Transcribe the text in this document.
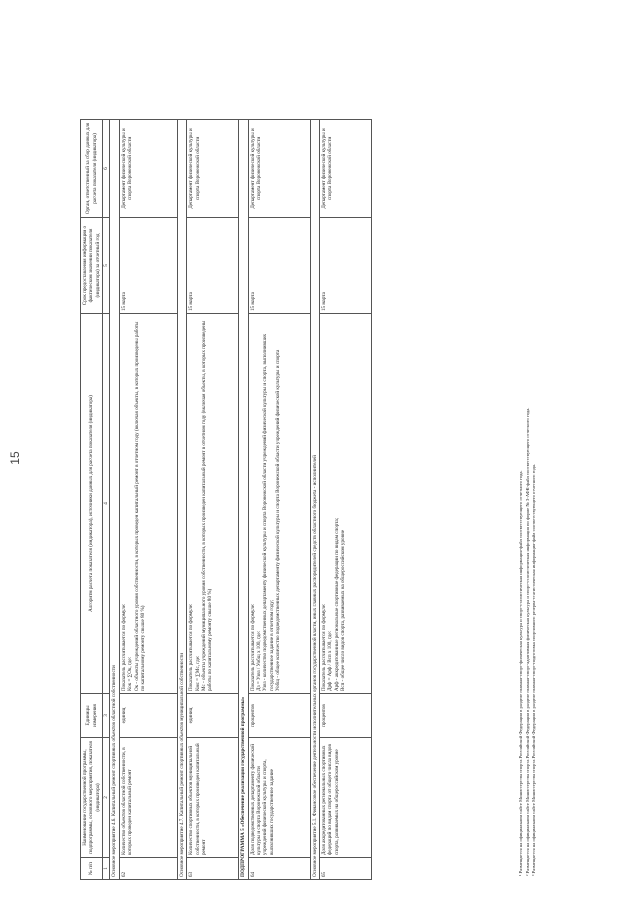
15
№ п/п	Наименование государственной программы, подпрограммы, основного мероприятия, показателя (индикатора)	Единицы измерения	Алгоритм расчета показателя (индикатора), источники данных для расчета показателя (индикатора)	Срок предоставления информации о фактическом значении показателя (индикатора) за отчетный год	Орган, ответственный за сбор данных для расчета показателя (индикатора)
1	2	3	4	5	6
Основное мероприятие 4.6. Капитальный ремонт спортивных объектов областной собственности					
62	Количество объектов областной собственности, в которых проведен капитальный ремонт	единиц	Показатель рассчитывается по формуле: Кок = ∑Ок, где: Ок - объекты учреждений областного уровня собственности, в которых проведен капитальный ремонт в отчетном году (включая объекты, в которых произведены работы по капитальному ремонту свыше 80 %)	15 марта	Департамент физической культуры и спорта Воронежской области
Основное мероприятие 4.7. Капитальный ремонт спортивных объектов муниципальной собственности					
63	Количество спортивных объектов муниципальной собственности, в которых произведен капитальный ремонт	единиц	Показатель рассчитывается по формуле: Кмс = ∑Мс, где: Мс - объекты учреждений муниципального уровня собственности, в которых произведен капитальный ремонт в отчетном году (включая объекты, в которых произведены работы по капитальному ремонту свыше 80 %)	15 марта	Департамент физической культуры и спорта Воронежской области
ПОДПРОГРАММА 5 «Обеспечение реализации государственной программы»					
64	Доля подведомственных департаменту физической культуры и спорта Воронежской области учреждений физической культуры и спорта, выполнивших государственное задание	процентов	Показатель рассчитывается по формуле: Дз = Узвз / Уобщ х 100, где: Узвз - количество подведомственных департаменту физической культуры и спорта Воронежской области учреждений физической культуры и спорта, выполнивших государственное задание в отчетном году; Уобщ - общее количество подведомственных департаменту физической культуры и спорта Воронежской области учреждений физической культуры и спорта	15 марта	Департамент физической культуры и спорта Воронежской области
Основное мероприятие 5.1. Финансовое обеспечение деятельности исполнительных органов государственной власти, иных главных распорядителей средств областного бюджета - исполнителей					
65	Доля аккредитованных региональных спортивных федераций по видам спорта от общего числа видов спорта, развиваемых на общероссийском уровне	процентов	Показатель рассчитывается по формуле: Дрф = Арф / Всп х 100, где: Арф - аккредитованные региональные спортивные федерации по видам спорта; Всп - общее число видов спорта, развиваемых на общероссийском уровне	15 марта	Департамент физической культуры и спорта Воронежской области
¹ Размещается на официальном сайте Министерства спорта Российской Федерации в разделе главная-спорт-физическая культура и спорт-статистическая информация-файл соответствующего отчетного года. ² Размещается на официальном сайте Министерства спорта Российской Федерации в разделе главная-спорт-адаптивная физическая культура и спорт-статистическая информация по форме № 3-АФК-файл соответствующего отчетного года. ³ Размещается на официальном сайте Министерства спорта Российской Федерации в разделе главная-спорт-подготовка спортивного резерва-статистическая информация-файл соответствующего отчетного года.
